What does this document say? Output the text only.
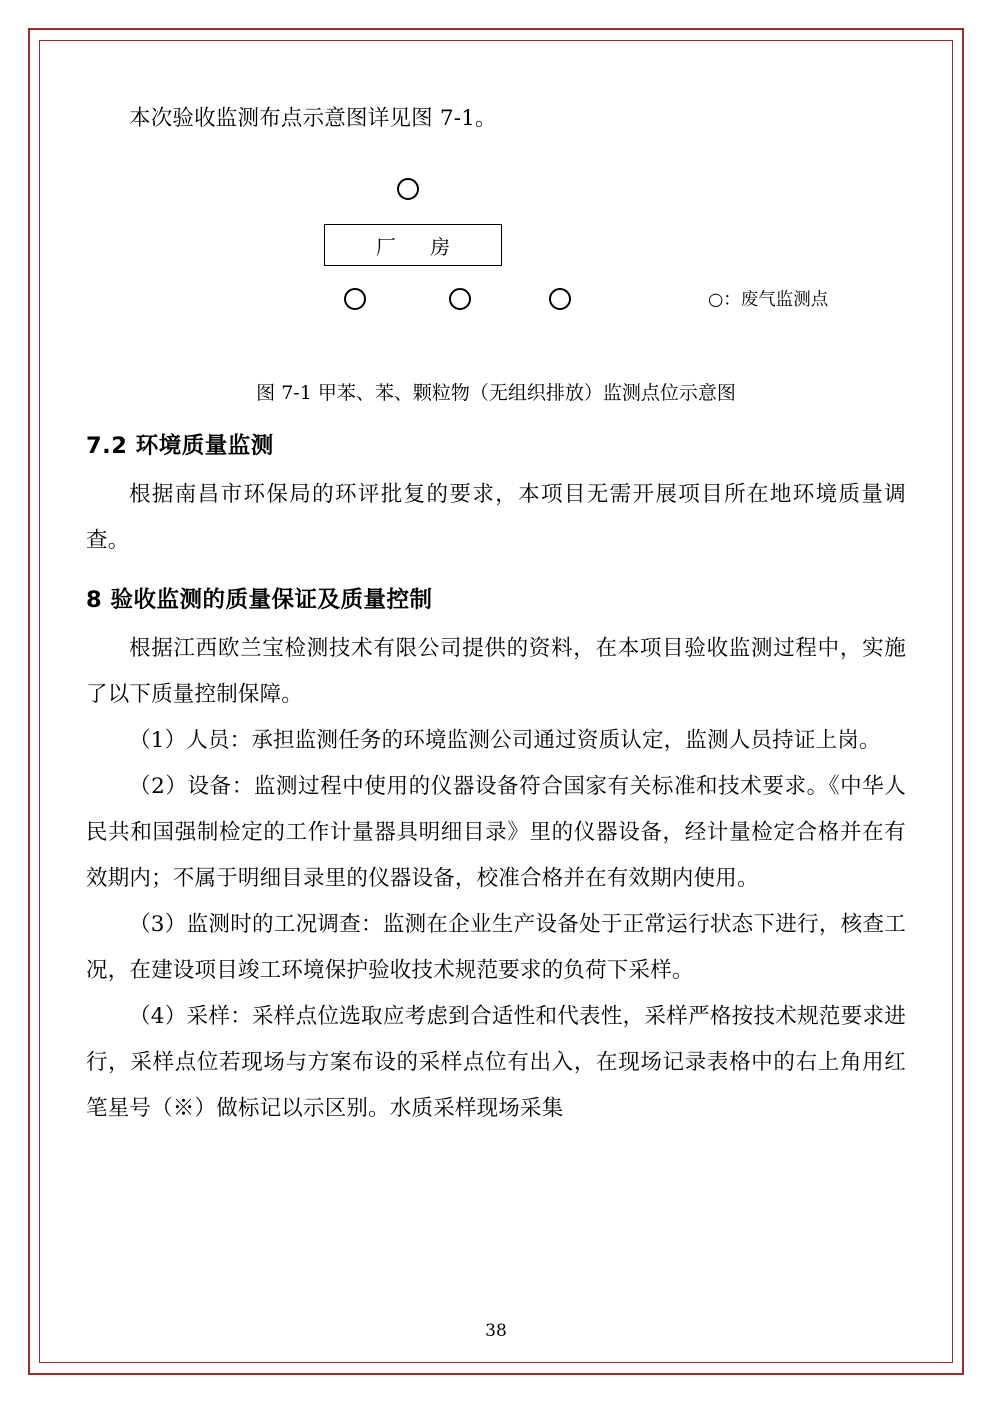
本次验收监测布点示意图详见图 7-1。

厂 房
○：废气监测点
图 7-1 甲苯、苯、颗粒物（无组织排放）监测点位示意图
7.2 环境质量监测

根据南昌市环保局的环评批复的要求，本项目无需开展项目所在地环境质量调查。

8 验收监测的质量保证及质量控制

根据江西欧兰宝检测技术有限公司提供的资料，在本项目验收监测过程中，实施了以下质量控制保障。

（1）人员：承担监测任务的环境监测公司通过资质认定，监测人员持证上岗。

（2）设备：监测过程中使用的仪器设备符合国家有关标准和技术要求。《中华人民共和国强制检定的工作计量器具明细目录》里的仪器设备，经计量检定合格并在有效期内；不属于明细目录里的仪器设备，校准合格并在有效期内使用。

（3）监测时的工况调查：监测在企业生产设备处于正常运行状态下进行，核查工况，在建设项目竣工环境保护验收技术规范要求的负荷下采样。

（4）采样：采样点位选取应考虑到合适性和代表性，采样严格按技术规范要求进行，采样点位若现场与方案布设的采样点位有出入，在现场记录表格中的右上角用红笔星号（※）做标记以示区别。水质采样现场采集

38
